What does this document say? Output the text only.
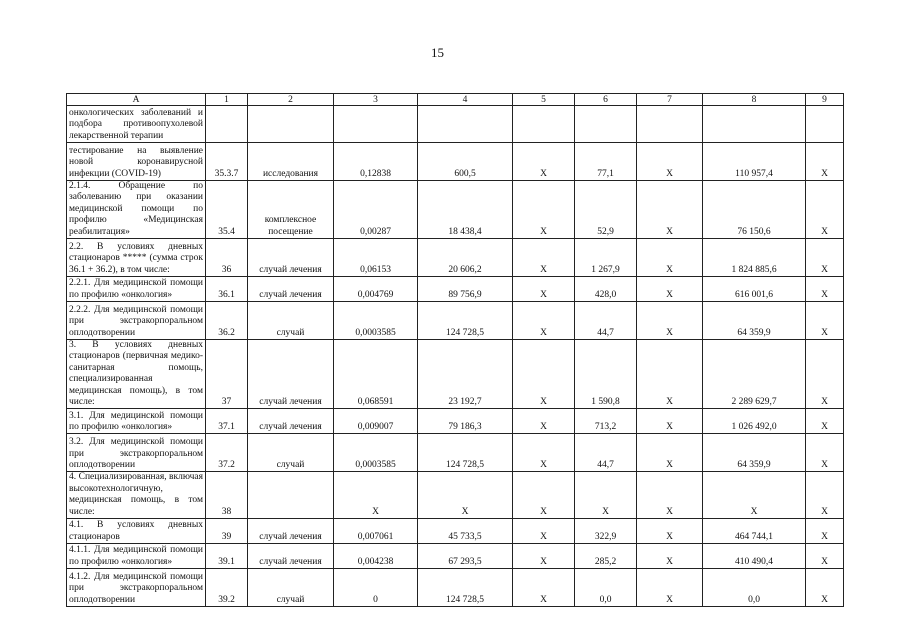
15
А	1	2	3	4	5	6	7	8	9
онкологических заболеваний и подбора противоопухолевой лекарственной терапии									
тестирование на выявление новой коронавирусной инфекции (COVID-19)	35.3.7	исследования	0,12838	600,5	Х	77,1	Х	110 957,4	Х
2.1.4. Обращение по заболеванию при оказании медицинской помощи по профилю «Медицинская реабилитация»	35.4	комплексное посещение	0,00287	18 438,4	Х	52,9	Х	76 150,6	Х
2.2. В условиях дневных стационаров ***** (сумма строк 36.1 + 36.2), в том числе:	36	случай лечения	0,06153	20 606,2	Х	1 267,9	Х	1 824 885,6	Х
2.2.1. Для медицинской помощи по профилю «онкология»	36.1	случай лечения	0,004769	89 756,9	Х	428,0	Х	616 001,6	Х
2.2.2. Для медицинской помощи при экстракорпоральном оплодотворении	36.2	случай	0,0003585	124 728,5	Х	44,7	Х	64 359,9	Х
3. В условиях дневных стационаров (первичная медико-санитарная помощь, специализированная медицинская помощь), в том числе:	37	случай лечения	0,068591	23 192,7	Х	1 590,8	Х	2 289 629,7	Х
3.1. Для медицинской помощи по профилю «онкология»	37.1	случай лечения	0,009007	79 186,3	Х	713,2	Х	1 026 492,0	Х
3.2. Для медицинской помощи при экстракорпоральном оплодотворении	37.2	случай	0,0003585	124 728,5	Х	44,7	Х	64 359,9	Х
4. Специализированная, включая высокотехнологичную, медицинская помощь, в том числе:	38		Х	Х	Х	Х	Х	Х	Х
4.1. В условиях дневных стационаров	39	случай лечения	0,007061	45 733,5	Х	322,9	Х	464 744,1	Х
4.1.1. Для медицинской помощи по профилю «онкология»	39.1	случай лечения	0,004238	67 293,5	Х	285,2	Х	410 490,4	Х
4.1.2. Для медицинской помощи при экстракорпоральном оплодотворении	39.2	случай	0	124 728,5	Х	0,0	Х	0,0	Х
